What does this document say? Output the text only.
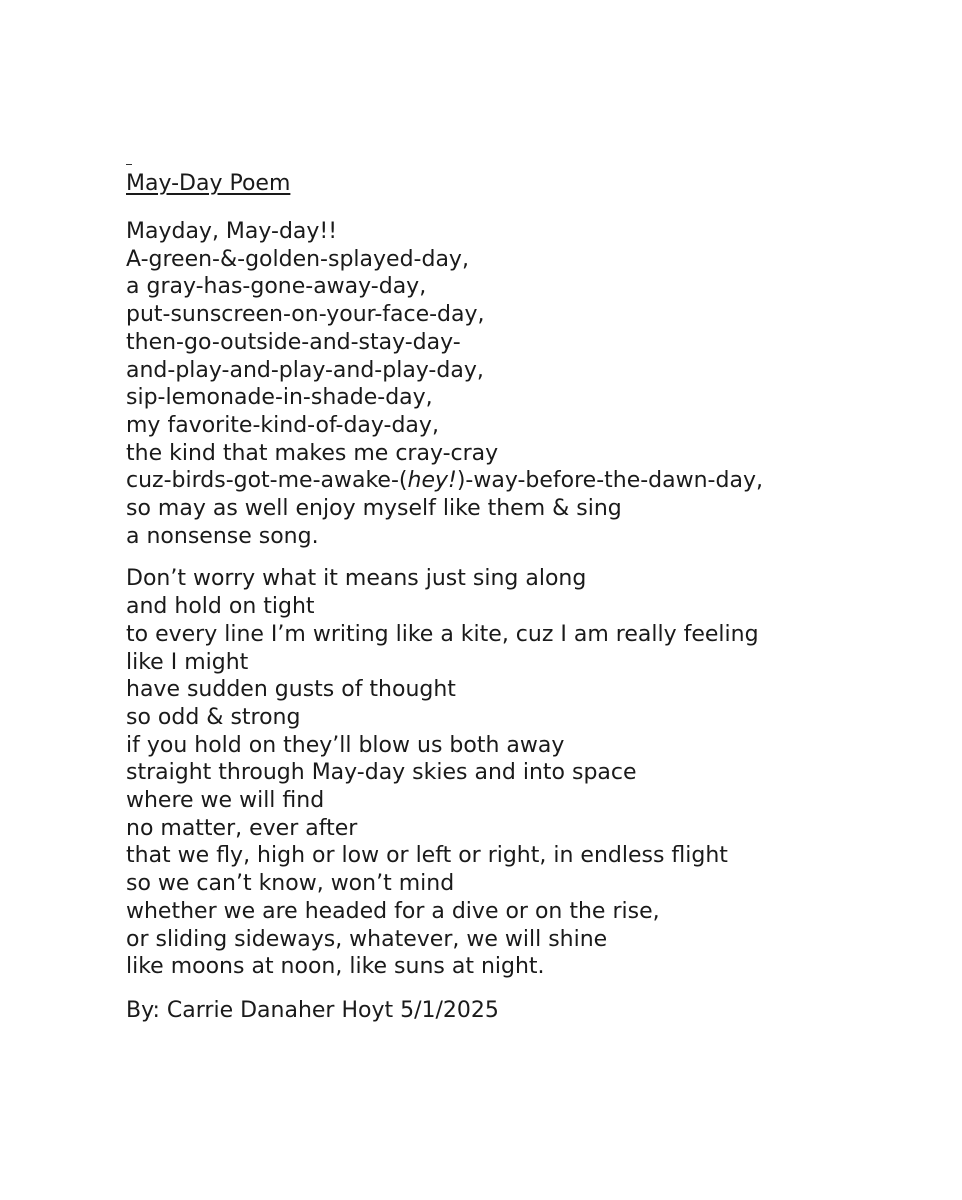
May-Day Poem
Mayday, May-day!!
A-green-&-golden-splayed-day,
a gray-has-gone-away-day,
put-sunscreen-on-your-face-day,
then-go-outside-and-stay-day-
and-play-and-play-and-play-day,
sip-lemonade-in-shade-day,
my favorite-kind-of-day-day,
the kind that makes me cray-cray
cuz-birds-got-me-awake-(hey!)-way-before-the-dawn-day,
so may as well enjoy myself like them & sing
a nonsense song.
Don’t worry what it means just sing along
and hold on tight
to every line I’m writing like a kite, cuz I am really feeling
like I might
have sudden gusts of thought
so odd & strong
if you hold on they’ll blow us both away
straight through May-day skies and into space
where we will find
no matter, ever after
that we fly, high or low or left or right, in endless flight
so we can’t know, won’t mind
whether we are headed for a dive or on the rise,
or sliding sideways, whatever, we will shine
like moons at noon, like suns at night.
By: Carrie Danaher Hoyt 5/1/2025
